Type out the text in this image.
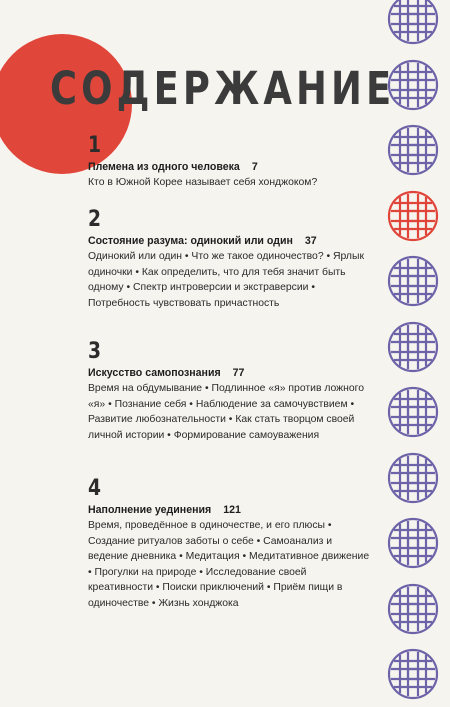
СОДЕРЖАНИЕ
1
Племена из одного человека 7
Кто в Южной Корее называет себя хонджоком?
2
Состояние разума: одинокий или один 37
Одинокий или один • Что же такое одиночество? • Ярлык одиночки • Как определить, что для тебя значит быть одному • Спектр интроверсии и экстраверсии • Потребность чувствовать причастность
3
Искусство самопознания 77
Время на обдумывание • Подлинное «я» против ложного «я» • Познание себя • Наблюдение за самочувствием • Развитие любознательности • Как стать творцом своей личной истории • Формирование самоуважения
4
Наполнение уединения 121
Время, проведённое в одиночестве, и его плюсы • Создание ритуалов заботы о себе • Самоанализ и ведение дневника • Медитация • Медитативное движение • Прогулки на природе • Исследование своей креативности • Поиски приключений • Приём пищи в одиночестве • Жизнь хонджока
